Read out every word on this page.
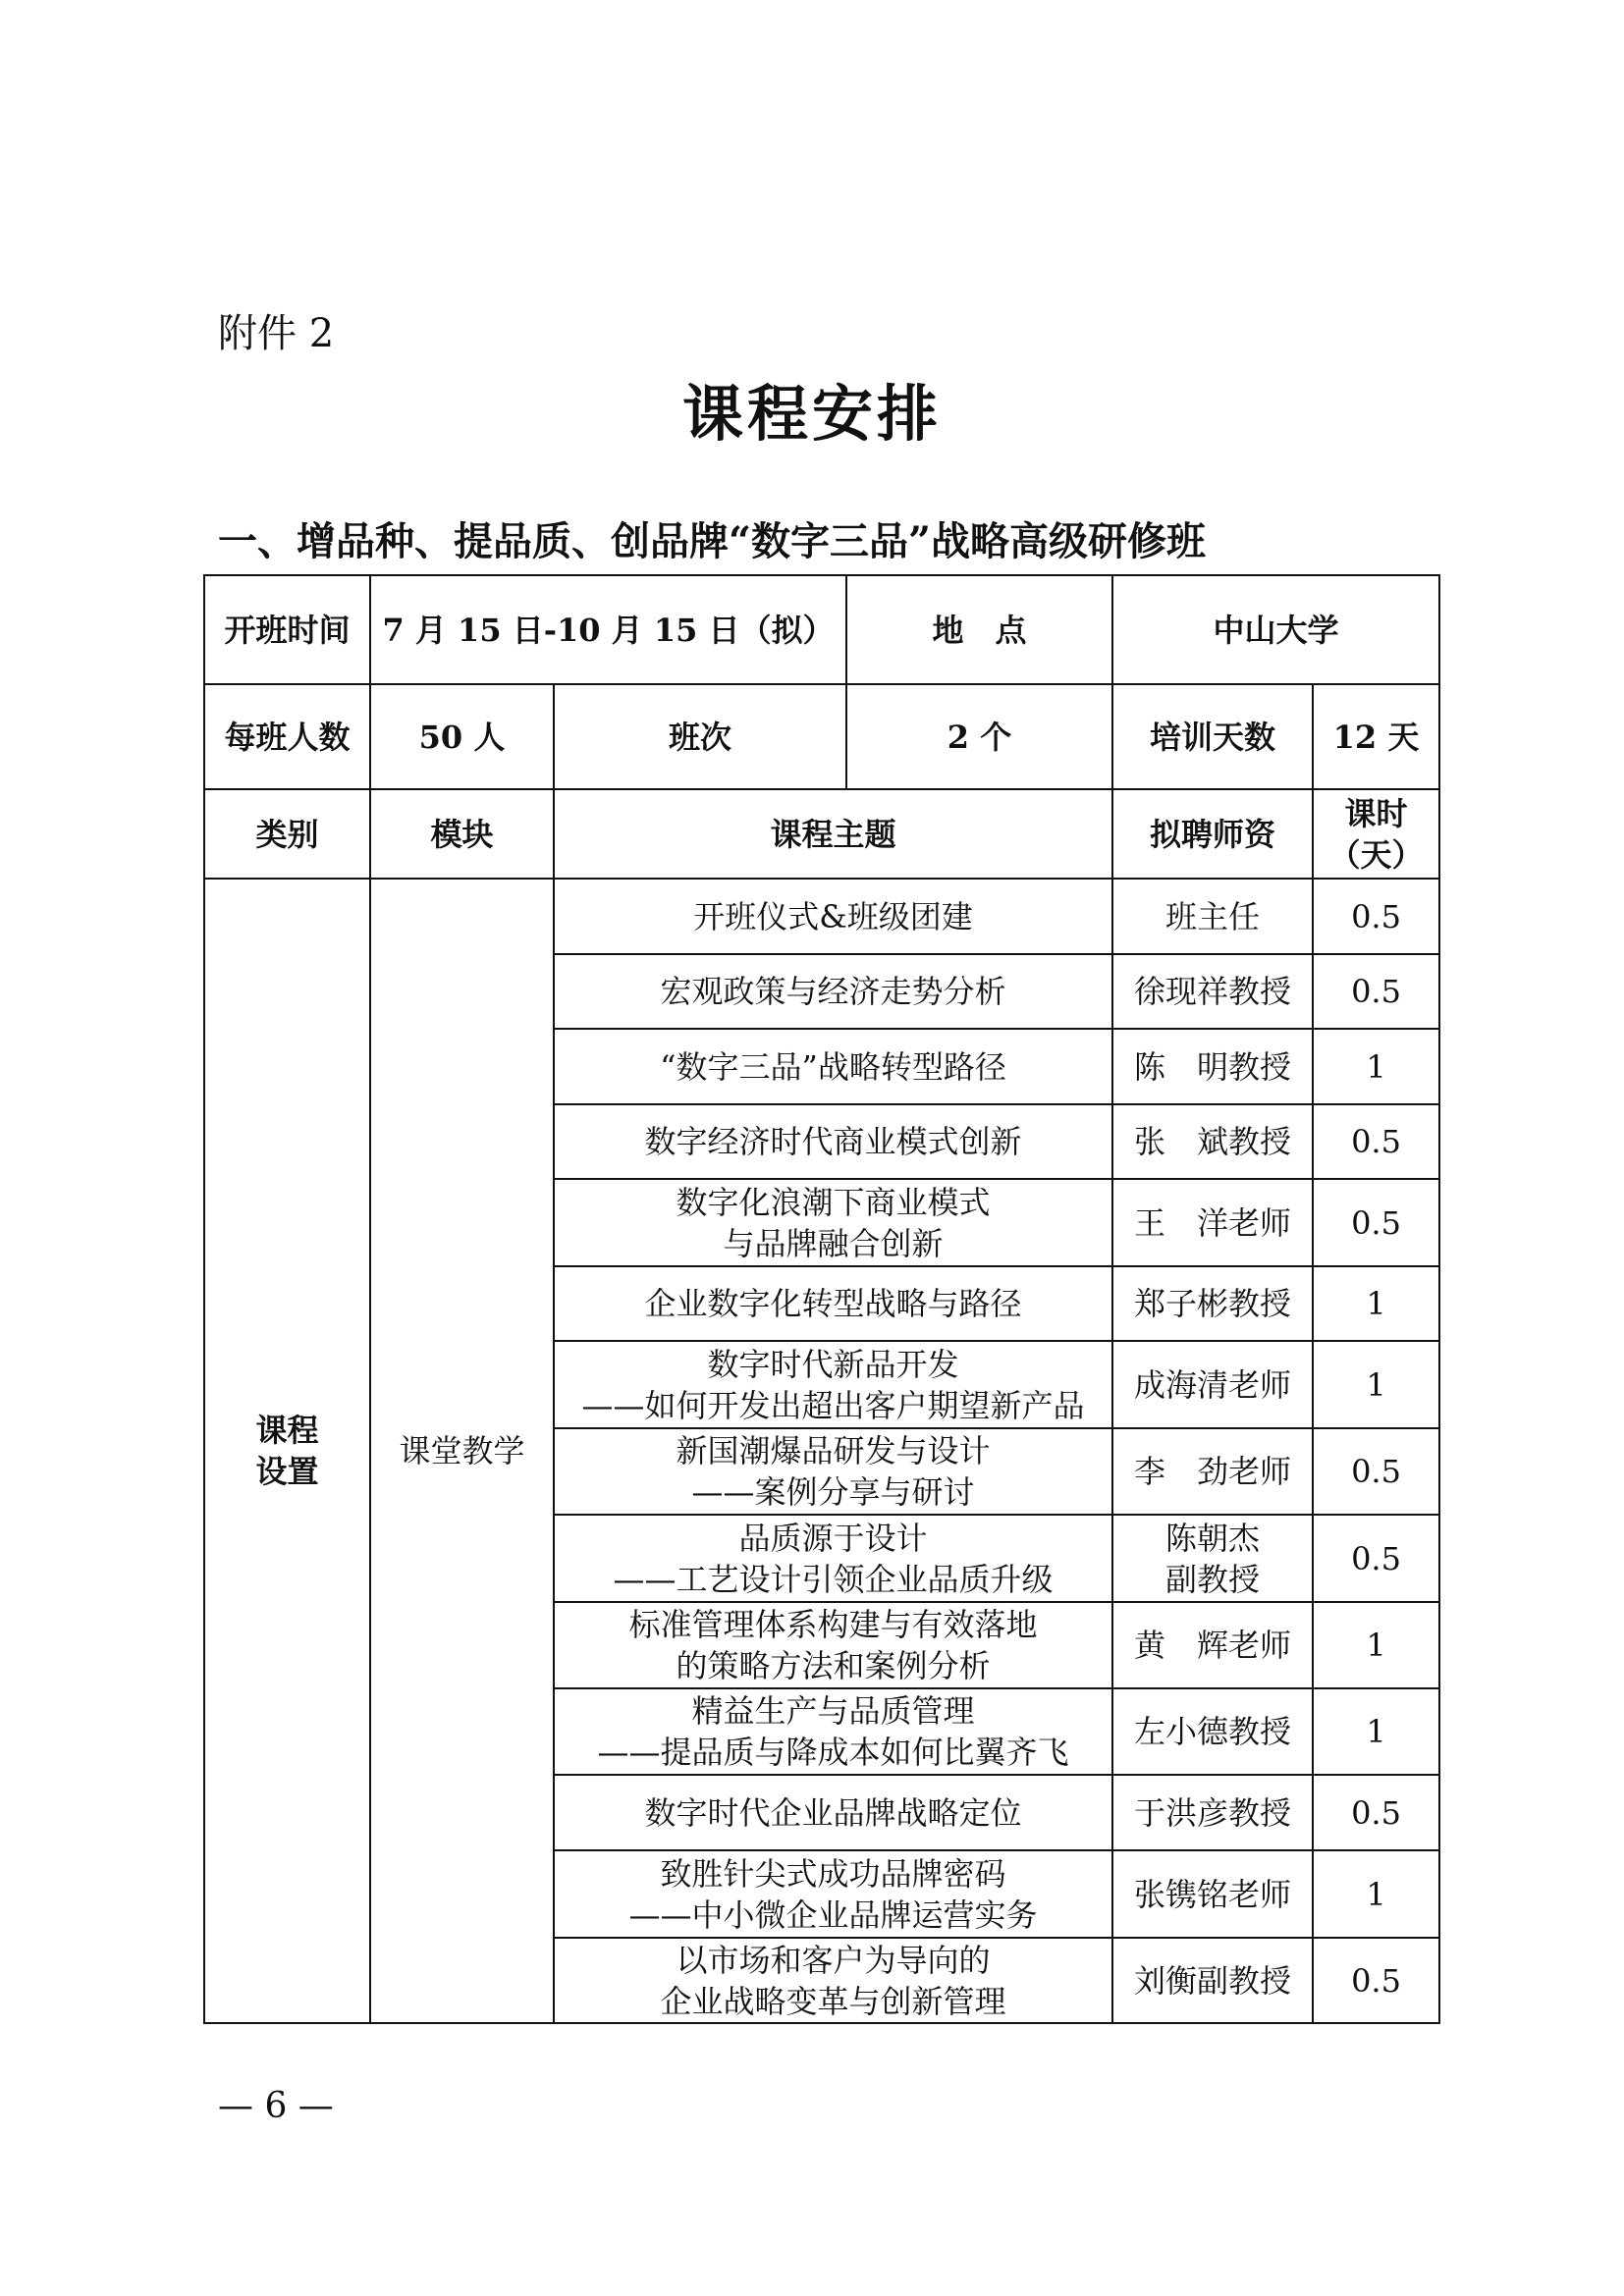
附件 2
课程安排
一、增品种、提品质、创品牌“数字三品”战略高级研修班
开班时间	7 月 15 日-10 月 15 日（拟）		地　点	中山大学	
每班人数	50 人	班次	2 个	培训天数	12 天
类别	模块	课程主题		拟聘师资	课时
（天）

课程
设置	课堂教学	开班仪式&班级团建		班主任	0.5

		宏观政策与经济走势分析		徐现祥教授	0.5

		“数字三品”战略转型路径		陈　明教授	1

		数字经济时代商业模式创新		张　斌教授	0.5

		数字化浪潮下商业模式
与品牌融合创新		王　洋老师	0.5

		企业数字化转型战略与路径		郑子彬教授	1

		数字时代新品开发
——如何开发出超出客户期望新产品		成海清老师	1

		新国潮爆品研发与设计
——案例分享与研讨		李　劲老师	0.5

		品质源于设计
——工艺设计引领企业品质升级		陈朝杰
副教授	0.5

		标准管理体系构建与有效落地
的策略方法和案例分析		黄　辉老师	1

		精益生产与品质管理
——提品质与降成本如何比翼齐飞		左小德教授	1

		数字时代企业品牌战略定位		于洪彦教授	0.5

		致胜针尖式成功品牌密码
——中小微企业品牌运营实务		张镌铭老师	1

		以市场和客户为导向的
企业战略变革与创新管理		刘衡副教授	0.5
— 6 —
